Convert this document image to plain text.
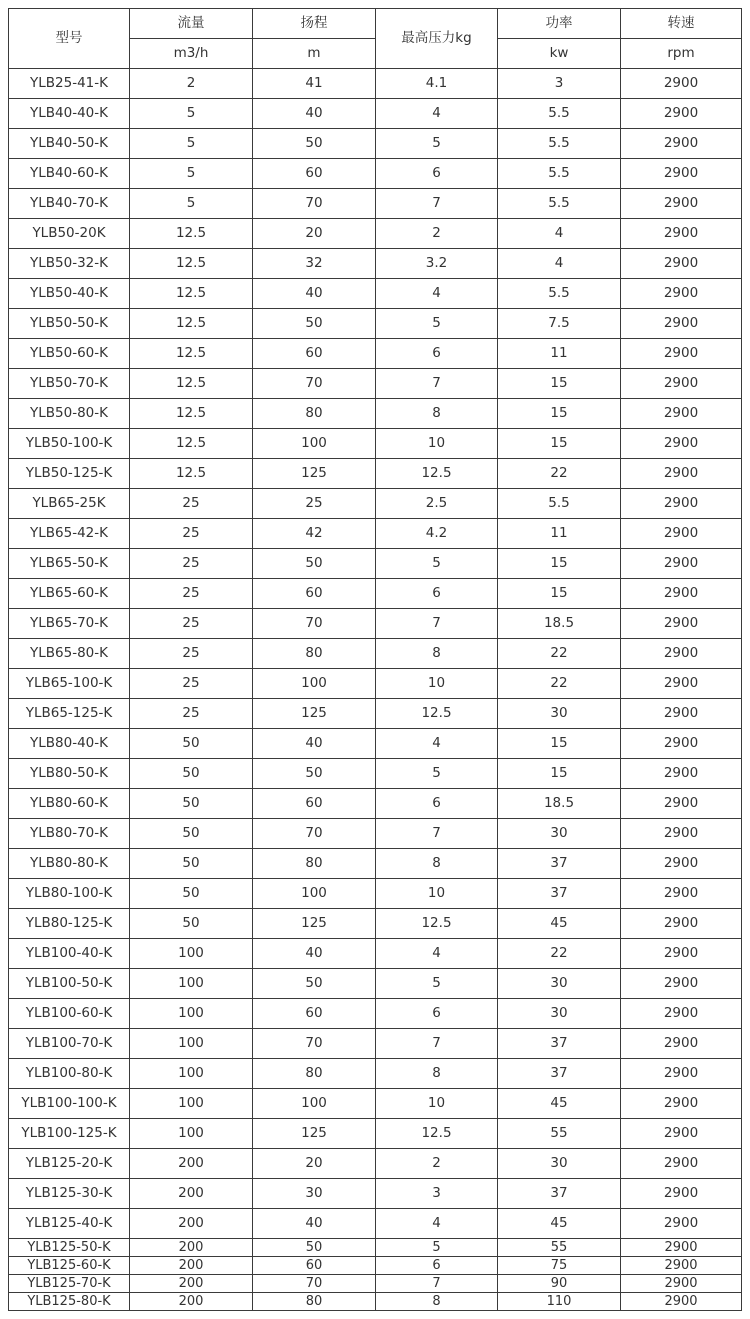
型号	流量	扬程	最高压力kg	功率	转速
	m3/h	m		kw	rpm
YLB25-41-K	2	41	4.1	3	2900
YLB40-40-K	5	40	4	5.5	2900
YLB40-50-K	5	50	5	5.5	2900
YLB40-60-K	5	60	6	5.5	2900
YLB40-70-K	5	70	7	5.5	2900
YLB50-20K	12.5	20	2	4	2900
YLB50-32-K	12.5	32	3.2	4	2900
YLB50-40-K	12.5	40	4	5.5	2900
YLB50-50-K	12.5	50	5	7.5	2900
YLB50-60-K	12.5	60	6	11	2900
YLB50-70-K	12.5	70	7	15	2900
YLB50-80-K	12.5	80	8	15	2900
YLB50-100-K	12.5	100	10	15	2900
YLB50-125-K	12.5	125	12.5	22	2900
YLB65-25K	25	25	2.5	5.5	2900
YLB65-42-K	25	42	4.2	11	2900
YLB65-50-K	25	50	5	15	2900
YLB65-60-K	25	60	6	15	2900
YLB65-70-K	25	70	7	18.5	2900
YLB65-80-K	25	80	8	22	2900
YLB65-100-K	25	100	10	22	2900
YLB65-125-K	25	125	12.5	30	2900
YLB80-40-K	50	40	4	15	2900
YLB80-50-K	50	50	5	15	2900
YLB80-60-K	50	60	6	18.5	2900
YLB80-70-K	50	70	7	30	2900
YLB80-80-K	50	80	8	37	2900
YLB80-100-K	50	100	10	37	2900
YLB80-125-K	50	125	12.5	45	2900
YLB100-40-K	100	40	4	22	2900
YLB100-50-K	100	50	5	30	2900
YLB100-60-K	100	60	6	30	2900
YLB100-70-K	100	70	7	37	2900
YLB100-80-K	100	80	8	37	2900
YLB100-100-K	100	100	10	45	2900
YLB100-125-K	100	125	12.5	55	2900
YLB125-20-K	200	20	2	30	2900
YLB125-30-K	200	30	3	37	2900
YLB125-40-K	200	40	4	45	2900
YLB125-50-K	200	50	5	55	2900
YLB125-60-K	200	60	6	75	2900
YLB125-70-K	200	70	7	90	2900
YLB125-80-K	200	80	8	110	2900
